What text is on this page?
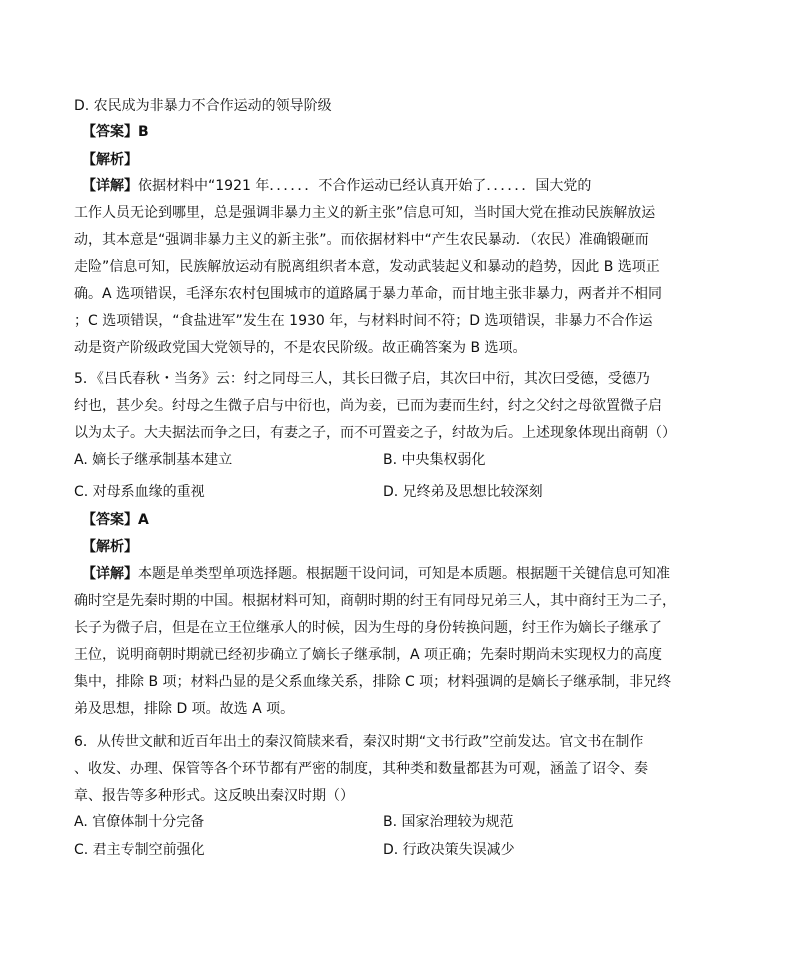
D. 农民成为非暴力不合作运动的领导阶级
【答案】B
【解析】
【详解】依据材料中“1921 年．．．．．．不合作运动已经认真开始了．．．．．．国大党的
工作人员无论到哪里，总是强调非暴力主义的新主张”信息可知，当时国大党在推动民族解放运
动，其本意是“强调非暴力主义的新主张”。而依据材料中“产生农民暴动．（农民）准确锻砸而
走险”信息可知，民族解放运动有脱离组织者本意，发动武装起义和暴动的趋势，因此 B 选项正
确。A 选项错误，毛泽东农村包围城市的道路属于暴力革命，而甘地主张非暴力，两者并不相同
；C 选项错误，“食盐进军”发生在 1930 年，与材料时间不符；D 选项错误，非暴力不合作运
动是资产阶级政党国大党领导的，不是农民阶级。故正确答案为 B 选项。
5．《吕氏春秋・当务》云：纣之同母三人，其长曰微子启，其次曰中衍，其次曰受德，受德乃
纣也，甚少矣。纣母之生微子启与中衍也，尚为妾，已而为妻而生纣，纣之父纣之母欲置微子启
以为太子。大夫据法而争之曰，有妻之子，而不可置妾之子，纣故为后。上述现象体现出商朝（）
A. 嫡长子继承制基本建立	B. 中央集权弱化
C. 对母系血缘的重视	D. 兄终弟及思想比较深刻
【答案】A
【解析】
【详解】本题是单类型单项选择题。根据题干设问词，可知是本质题。根据题干关键信息可知准
确时空是先秦时期的中国。根据材料可知，商朝时期的纣王有同母兄弟三人，其中商纣王为二子，
长子为微子启，但是在立王位继承人的时候，因为生母的身份转换问题，纣王作为嫡长子继承了
王位，说明商朝时期就已经初步确立了嫡长子继承制，A 项正确；先秦时期尚未实现权力的高度
集中，排除 B 项；材料凸显的是父系血缘关系，排除 C 项；材料强调的是嫡长子继承制，非兄终
弟及思想，排除 D 项。故选 A 项。
6．从传世文献和近百年出土的秦汉简牍来看，秦汉时期“文书行政”空前发达。官文书在制作
、收发、办理、保管等各个环节都有严密的制度，其种类和数量都甚为可观，涵盖了诏令、奏
章、报告等多种形式。这反映出秦汉时期（）
A. 官僚体制十分完备	B. 国家治理较为规范
C. 君主专制空前强化	D. 行政决策失误减少
